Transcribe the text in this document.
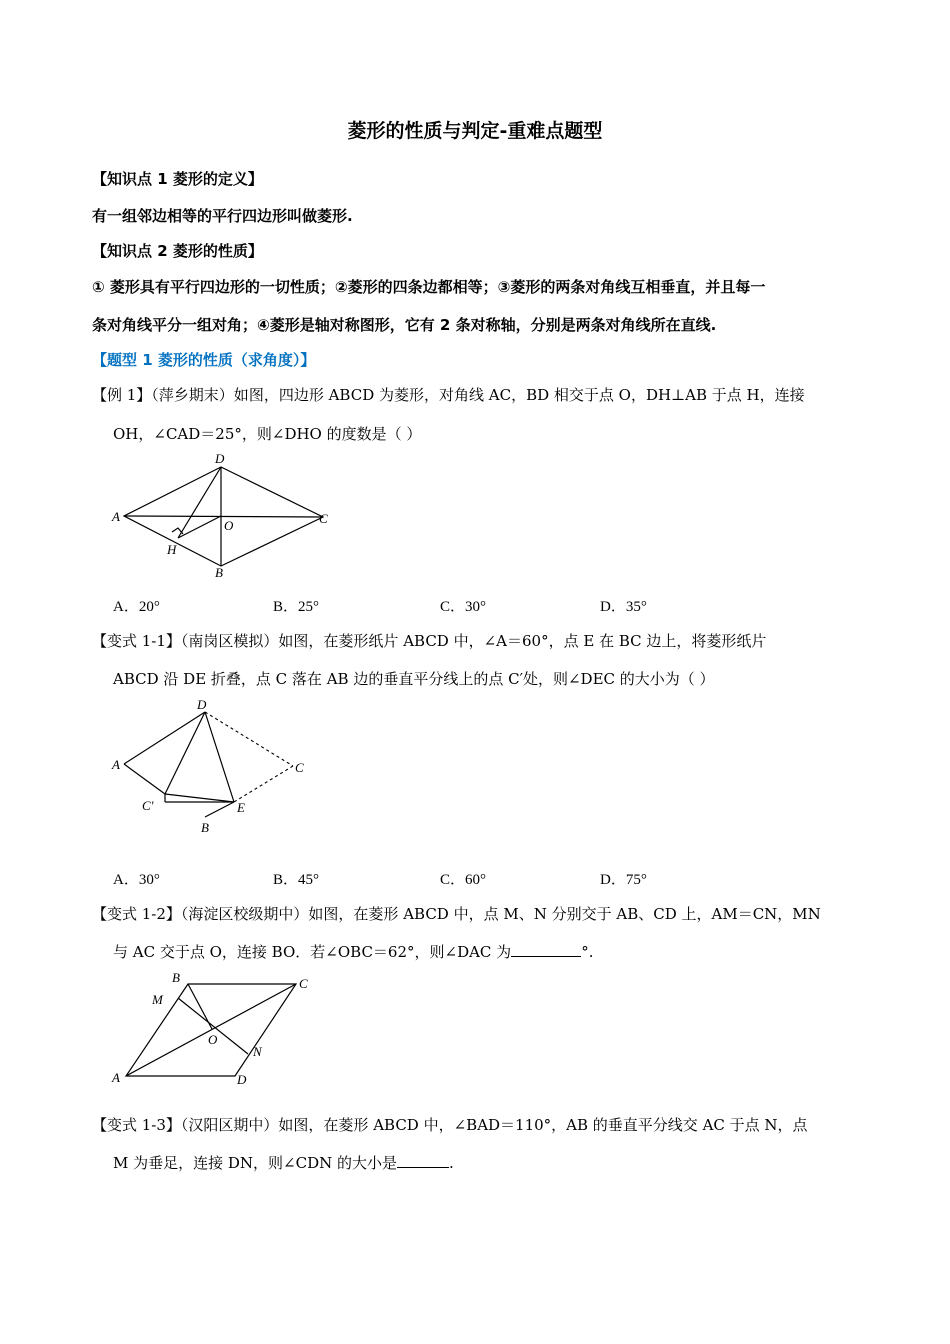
菱形的性质与判定-重难点题型
【知识点 1 菱形的定义】
有一组邻边相等的平行四边形叫做菱形.
【知识点 2 菱形的性质】
① 菱形具有平行四边形的一切性质；②菱形的四条边都相等；③菱形的两条对角线互相垂直，并且每一
条对角线平分一组对角；④菱形是轴对称图形，它有 2 条对称轴，分别是两条对角线所在直线.
【题型 1 菱形的性质（求角度）】
【例 1】（萍乡期末）如图，四边形 ABCD 为菱形，对角线 AC，BD 相交于点 O，DH⊥AB 于点 H，连接
OH，∠CAD＝25°，则∠DHO 的度数是（ ）
D
A	C
O
H
B
A．20°	B．25°	C．30°	D．35°
【变式 1-1】（南岗区模拟）如图，在菱形纸片 ABCD 中，∠A＝60°，点 E 在 BC 边上，将菱形纸片
ABCD 沿 DE 折叠，点 C 落在 AB 边的垂直平分线上的点 C′处，则∠DEC 的大小为（ ）
D
A	C
C′	E
B
A．30°	B．45°	C．60°	D．75°
【变式 1-2】（海淀区校级期中）如图，在菱形 ABCD 中，点 M、N 分别交于 AB、CD 上，AM＝CN，MN
与 AC 交于点 O，连接 BO．若∠OBC＝62°，则∠DAC 为	°.
B	C
M
O
N
A	D
【变式 1-3】（汉阳区期中）如图，在菱形 ABCD 中，∠BAD＝110°，AB 的垂直平分线交 AC 于点 N，点
M 为垂足，连接 DN，则∠CDN 的大小是	.
